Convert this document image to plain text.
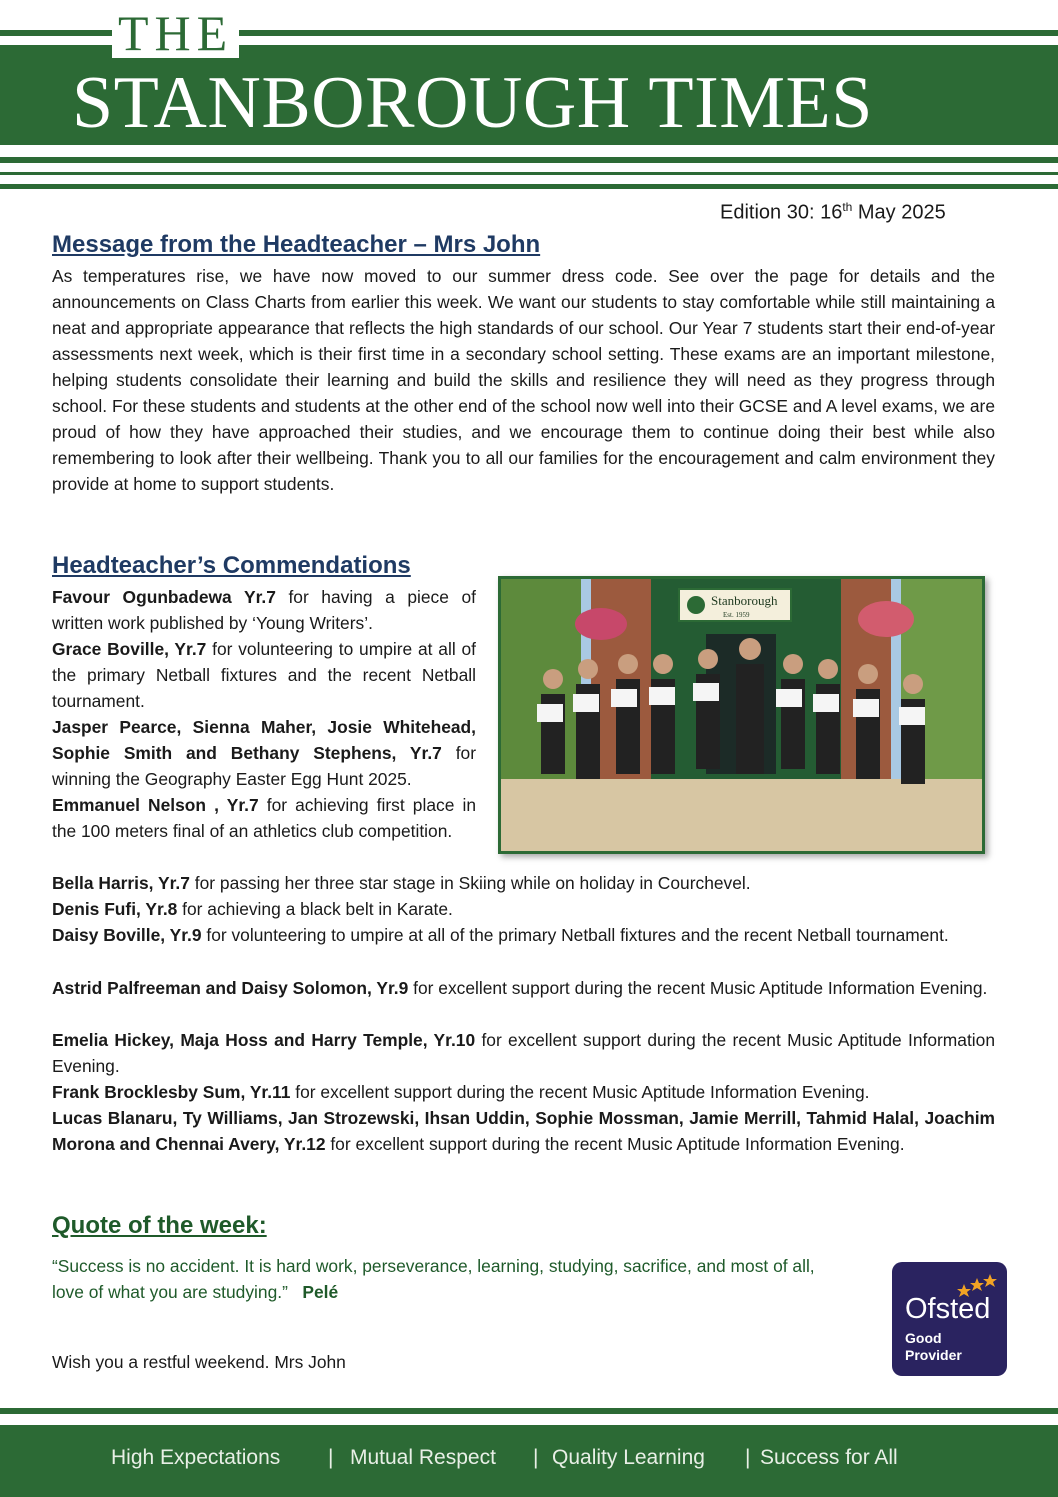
THE
STANBOROUGH TIMES
Edition 30: 16th May 2025
Message from the Headteacher – Mrs John

As temperatures rise, we have now moved to our summer dress code. See over the page for details and the announcements on Class Charts from earlier this week. We want our students to stay comfortable while still maintaining a neat and appropriate appearance that reflects the high standards of our school. Our Year 7 students start their end-of-year assessments next week, which is their first time in a secondary school setting. These exams are an important milestone, helping students consolidate their learning and build the skills and resilience they will need as they progress through school. For these students and students at the other end of the school now well into their GCSE and A level exams, we are proud of how they have approached their studies, and we encourage them to continue doing their best while also remembering to look after their wellbeing. Thank you to all our families for the encouragement and calm environment they provide at home to support students.

Headteacher’s Commendations

Favour Ogunbadewa Yr.7 for having a piece of written work published by ‘Young Writers’.

Grace Boville, Yr.7 for volunteering to umpire at all of the primary Netball fixtures and the recent Netball tournament.

Jasper Pearce, Sienna Maher, Josie Whitehead, Sophie Smith and Bethany Stephens, Yr.7 for winning the Geography Easter Egg Hunt 2025.

Emmanuel Nelson , Yr.7 for achieving first place in the 100 meters final of an athletics club competition.

Bella Harris, Yr.7 for passing her three star stage in Skiing while on holiday in Courchevel.

Denis Fufi, Yr.8 for achieving a black belt in Karate.

Daisy Boville, Yr.9 for volunteering to umpire at all of the primary Netball fixtures and the recent Netball tournament.

Astrid Palfreeman and Daisy Solomon, Yr.9 for excellent support during the recent Music Aptitude Information Evening.

Emelia Hickey, Maja Hoss and Harry Temple, Yr.10 for excellent support during the recent Music Aptitude Information Evening.

Frank Brocklesby Sum, Yr.11 for excellent support during the recent Music Aptitude Information Evening.

Lucas Blanaru, Ty Williams, Jan Strozewski, Ihsan Uddin, Sophie Mossman, Jamie Merrill, Tahmid Halal, Joachim Morona and Chennai Avery, Yr.12 for excellent support during the recent Music Aptitude Information Evening.

Stanborough
Est. 1959
Quote of the week:
“Success is no accident. It is hard work, perseverance, learning, studying, sacrifice, and most of all, love of what you are studying.” Pelé
Wish you a restful weekend. Mrs John
Ofsted
Good
Provider
High Expectations | Mutual Respect | Quality Learning | Success for All
